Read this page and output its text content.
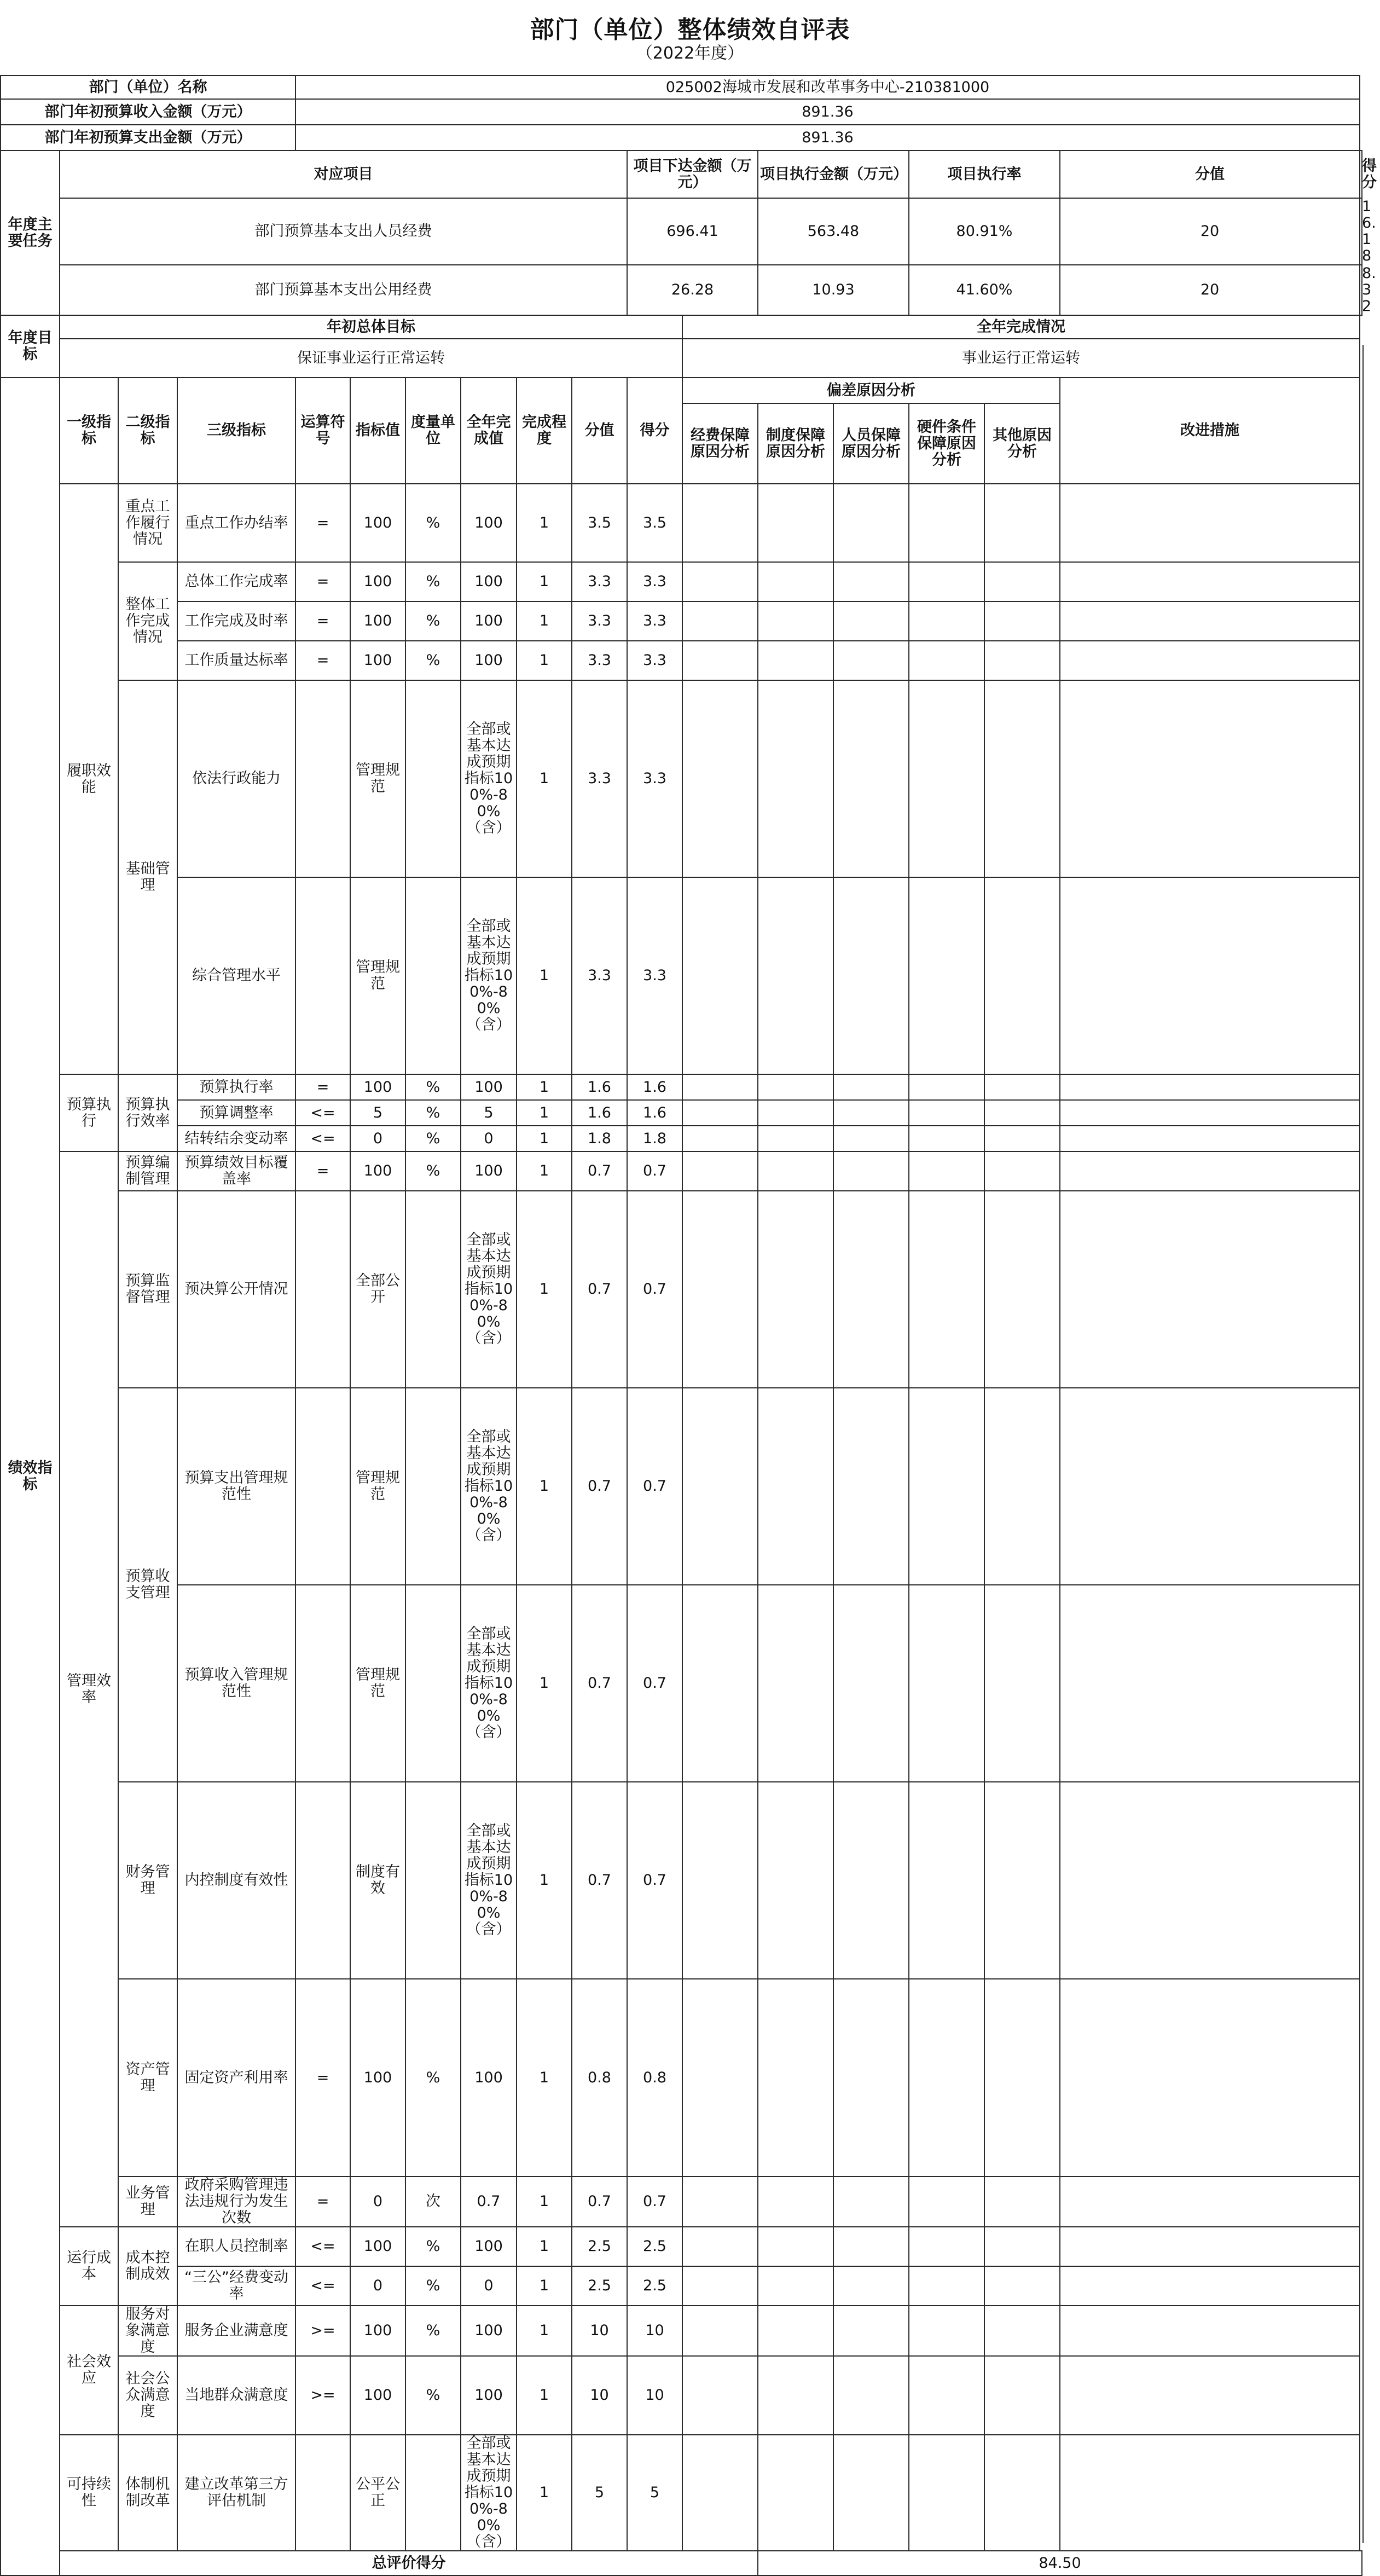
部门（单位）整体绩效自评表
（2022年度）
部门（单位）名称				025002海城市发展和改革事务中心-210381000													
部门年初预算收入金额（万元）				891.36													
部门年初预算支出金额（万元）				891.36													
年度主要任务	对应项目									项目下达金额（万元）		项目执行金额（万元）		项目执行率		分值	得分
	部门预算基本支出人员经费									696.41		563.48		80.91%		20	16.18
	部门预算基本支出公用经费									26.28		10.93		41.60%		20	8.32
年度目标	年初总体目标										全年完成情况						
	保证事业运行正常运转										事业运行正常运转						
绩效指标	一级指标	二级指标	三级指标	运算符号	指标值	度量单位	全年完成值	完成程度	分值	得分	偏差原因分析					改进措施	
											经费保障原因分析	制度保障原因分析	人员保障原因分析	硬件条件保障原因分析	其他原因分析		
	履职效能	重点工作履行情况	重点工作办结率	=	100	%	100	1	3.5	3.5							
		整体工作完成情况	总体工作完成率	=	100	%	100	1	3.3	3.3							
			工作完成及时率	=	100	%	100	1	3.3	3.3							
			工作质量达标率	=	100	%	100	1	3.3	3.3							
		基础管理	依法行政能力		管理规范		全部或基本达成预期指标100%-80%（含）	1	3.3	3.3							
			综合管理水平		管理规范		全部或基本达成预期指标100%-80%（含）	1	3.3	3.3							
	预算执行	预算执行效率	预算执行率	=	100	%	100	1	1.6	1.6							
			预算调整率	<=	5	%	5	1	1.6	1.6							
			结转结余变动率	<=	0	%	0	1	1.8	1.8							
	管理效率	预算编制管理	预算绩效目标覆盖率	=	100	%	100	1	0.7	0.7							
		预算监督管理	预决算公开情况		全部公开		全部或基本达成预期指标100%-80%（含）	1	0.7	0.7							
		预算收支管理	预算支出管理规范性		管理规范		全部或基本达成预期指标100%-80%（含）	1	0.7	0.7							
			预算收入管理规范性		管理规范		全部或基本达成预期指标100%-80%（含）	1	0.7	0.7							
		财务管理	内控制度有效性		制度有效		全部或基本达成预期指标100%-80%（含）	1	0.7	0.7							
		资产管理	固定资产利用率	=	100	%	100	1	0.8	0.8							
		业务管理	政府采购管理违法违规行为发生次数	=	0	次	0.7	1	0.7	0.7							
	运行成本	成本控制成效	在职人员控制率	<=	100	%	100	1	2.5	2.5							
			“三公”经费变动率	<=	0	%	0	1	2.5	2.5							
	社会效应	服务对象满意度	服务企业满意度	>=	100	%	100	1	10	10							
		社会公众满意度	当地群众满意度	>=	100	%	100	1	10	10							
	可持续性	体制机制改革	建立改革第三方评估机制		公平公正		全部或基本达成预期指标100%-80%（含）	1	5	5							
	总评价得分											84.50					
